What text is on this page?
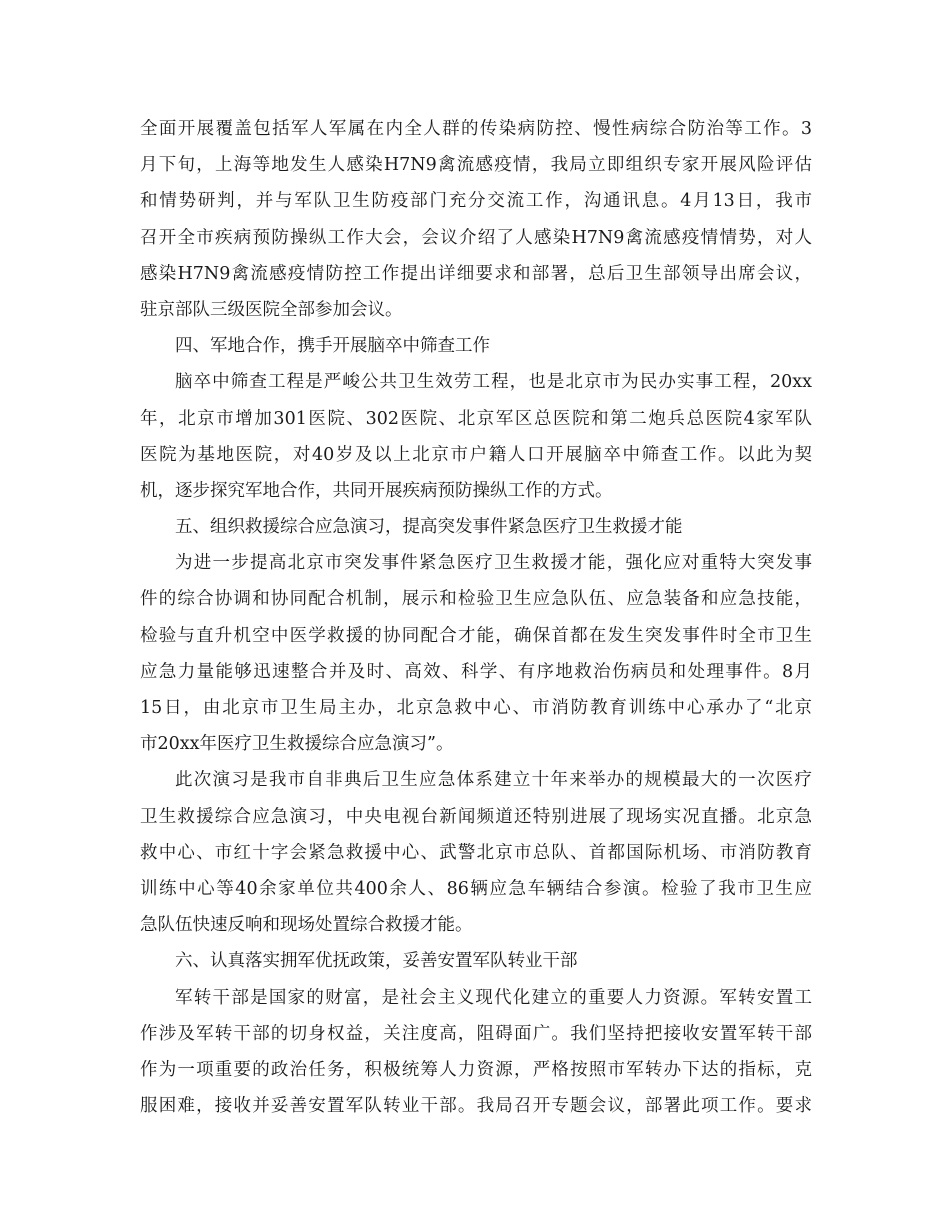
全面开展覆盖包括军人军属在内全人群的传染病防控、慢性病综合防治等工作。3
月下旬，上海等地发生人感染H7N9禽流感疫情，我局立即组织专家开展风险评估
和情势研判，并与军队卫生防疫部门充分交流工作，沟通讯息。4月13日，我市
召开全市疾病预防操纵工作大会，会议介绍了人感染H7N9禽流感疫情情势，对人
感染H7N9禽流感疫情防控工作提出详细要求和部署，总后卫生部领导出席会议，
驻京部队三级医院全部参加会议。
四、军地合作，携手开展脑卒中筛查工作
脑卒中筛查工程是严峻公共卫生效劳工程，也是北京市为民办实事工程，20xx
年，北京市增加301医院、302医院、北京军区总医院和第二炮兵总医院4家军队
医院为基地医院，对40岁及以上北京市户籍人口开展脑卒中筛查工作。以此为契
机，逐步探究军地合作，共同开展疾病预防操纵工作的方式。
五、组织救援综合应急演习，提高突发事件紧急医疗卫生救援才能
为进一步提高北京市突发事件紧急医疗卫生救援才能，强化应对重特大突发事
件的综合协调和协同配合机制，展示和检验卫生应急队伍、应急装备和应急技能，
检验与直升机空中医学救援的协同配合才能，确保首都在发生突发事件时全市卫生
应急力量能够迅速整合并及时、高效、科学、有序地救治伤病员和处理事件。8月
15日，由北京市卫生局主办，北京急救中心、市消防教育训练中心承办了“北京
市20xx年医疗卫生救援综合应急演习”。
此次演习是我市自非典后卫生应急体系建立十年来举办的规模最大的一次医疗
卫生救援综合应急演习，中央电视台新闻频道还特别进展了现场实况直播。北京急
救中心、市红十字会紧急救援中心、武警北京市总队、首都国际机场、市消防教育
训练中心等40余家单位共400余人、86辆应急车辆结合参演。检验了我市卫生应
急队伍快速反响和现场处置综合救援才能。
六、认真落实拥军优抚政策，妥善安置军队转业干部
军转干部是国家的财富，是社会主义现代化建立的重要人力资源。军转安置工
作涉及军转干部的切身权益，关注度高，阻碍面广。我们坚持把接收安置军转干部
作为一项重要的政治任务，积极统筹人力资源，严格按照市军转办下达的指标，克
服困难，接收并妥善安置军队转业干部。我局召开专题会议，部署此项工作。要求
